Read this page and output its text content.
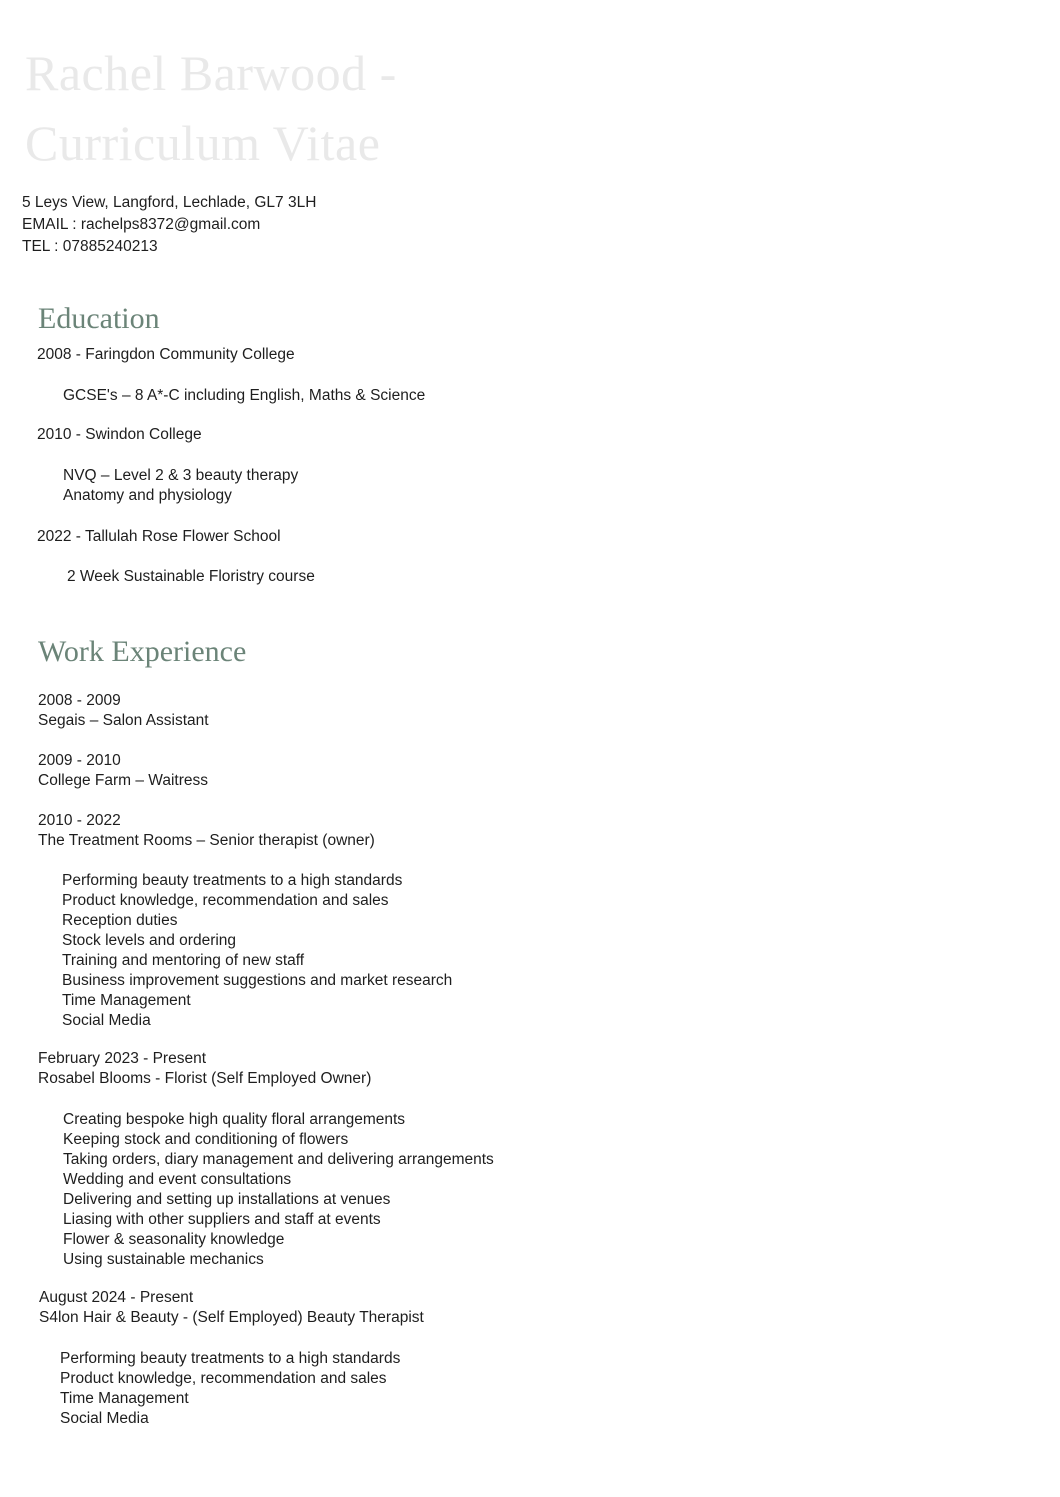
Rachel Barwood -
Curriculum Vitae
5 Leys View, Langford, Lechlade, GL7 3LH
EMAIL : rachelps8372@gmail.com
TEL : 07885240213
Education
2008 - Faringdon Community College
GCSE's – 8 A*-C including English, Maths & Science
2010 - Swindon College
NVQ – Level 2 & 3 beauty therapy
Anatomy and physiology
2022 - Tallulah Rose Flower School
2 Week Sustainable Floristry course
Work Experience
2008 - 2009
Segais – Salon Assistant
2009 - 2010
College Farm – Waitress
2010 - 2022
The Treatment Rooms – Senior therapist (owner)
Performing beauty treatments to a high standards
Product knowledge, recommendation and sales
Reception duties
Stock levels and ordering
Training and mentoring of new staff
Business improvement suggestions and market research
Time Management
Social Media
February 2023 - Present
Rosabel Blooms - Florist (Self Employed Owner)
Creating bespoke high quality floral arrangements
Keeping stock and conditioning of flowers
Taking orders, diary management and delivering arrangements
Wedding and event consultations
Delivering and setting up installations at venues
Liasing with other suppliers and staff at events
Flower & seasonality knowledge
Using sustainable mechanics
August 2024 - Present
S4lon Hair & Beauty - (Self Employed) Beauty Therapist
Performing beauty treatments to a high standards
Product knowledge, recommendation and sales
Time Management
Social Media
